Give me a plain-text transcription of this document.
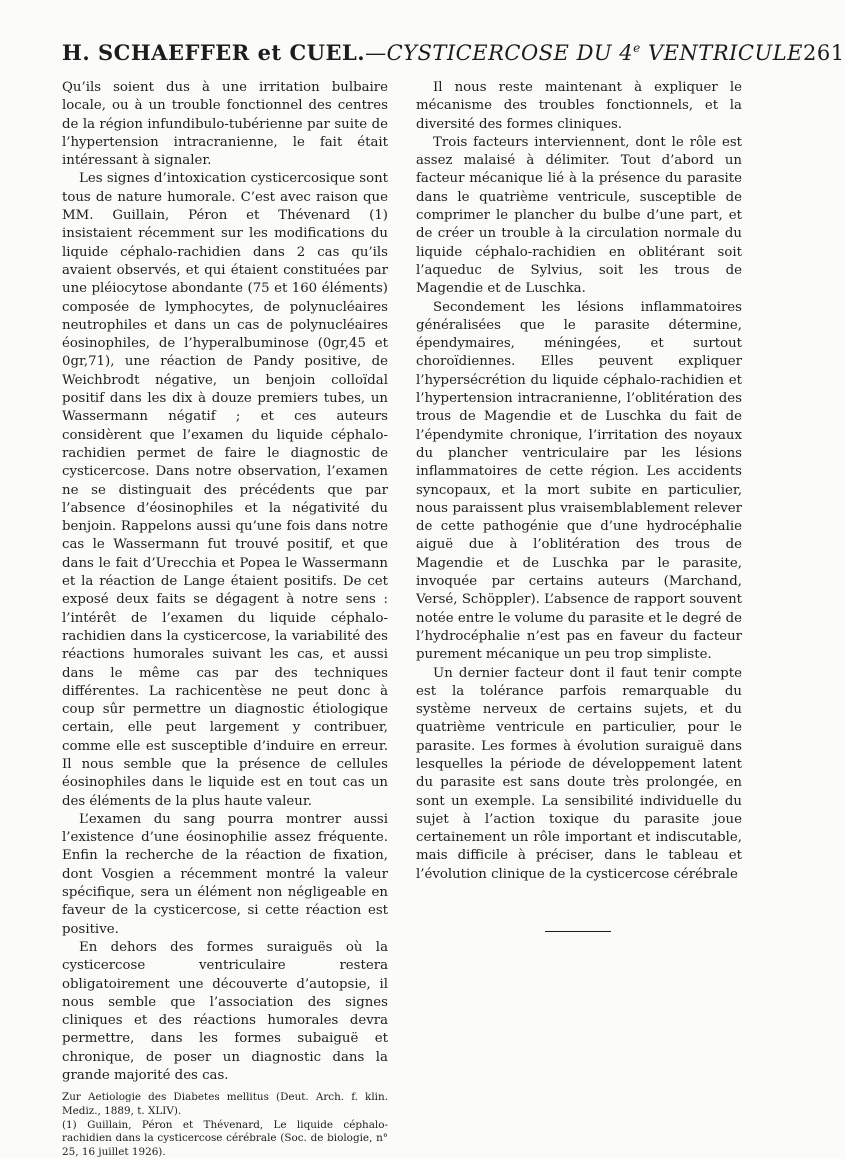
H. SCHAEFFER et CUEL. — CYSTICERCOSE DU 4e VENTRICULE 261

Qu’ils soient dus à une irritation bulbaire locale, ou à un trouble fonctionnel des centres de la région infundibulo-tubérienne par suite de l’hypertension intracranienne, le fait était intéressant à signaler.

Les signes d’intoxication cysticercosique sont tous de nature humorale. C’est avec raison que MM. Guillain, Péron et Thévenard (1) insistaient récemment sur les modifications du liquide céphalo-rachidien dans 2 cas qu’ils avaient observés, et qui étaient constituées par une pléiocytose abondante (75 et 160 éléments) composée de lymphocytes, de polynucléaires neutrophiles et dans un cas de polynucléaires éosinophiles, de l’hyperalbuminose (0gr,45 et 0gr,71), une réaction de Pandy positive, de Weichbrodt négative, un benjoin colloïdal positif dans les dix à douze premiers tubes, un Wassermann négatif ; et ces auteurs considèrent que l’examen du liquide céphalo-rachidien permet de faire le diagnostic de cysticercose. Dans notre observation, l’examen ne se distinguait des précédents que par l’absence d’éosinophiles et la négativité du benjoin. Rappelons aussi qu’une fois dans notre cas le Wassermann fut trouvé positif, et que dans le fait d’Urecchia et Popea le Wassermann et la réaction de Lange étaient positifs. De cet exposé deux faits se dégagent à notre sens : l’intérêt de l’examen du liquide céphalo-rachidien dans la cysticercose, la variabilité des réactions humorales suivant les cas, et aussi dans le même cas par des techniques différentes. La rachicentèse ne peut donc à coup sûr permettre un diagnostic étiologique certain, elle peut largement y contribuer, comme elle est susceptible d’induire en erreur. Il nous semble que la présence de cellules éosinophiles dans le liquide est en tout cas un des éléments de la plus haute valeur.

L’examen du sang pourra montrer aussi l’existence d’une éosinophilie assez fréquente. Enfin la recherche de la réaction de fixation, dont Vosgien a récemment montré la valeur spécifique, sera un élément non négligeable en faveur de la cysticercose, si cette réaction est positive.

En dehors des formes suraiguës où la cysticercose ventriculaire restera obligatoirement une découverte d’autopsie, il nous semble que l’association des signes cliniques et des réactions humorales devra permettre, dans les formes subaiguë et chronique, de poser un diagnostic dans la grande majorité des cas.

Zur Aetiologie des Diabetes mellitus (Deut. Arch. f. klin. Mediz., 1889, t. XLIV).

(1) Guillain, Péron et Thévenard, Le liquide céphalo-rachidien dans la cysticercose cérébrale (Soc. de biologie, n° 25, 16 juillet 1926).

Il nous reste maintenant à expliquer le mécanisme des troubles fonctionnels, et la diversité des formes cliniques.

Trois facteurs interviennent, dont le rôle est assez malaisé à délimiter. Tout d’abord un facteur mécanique lié à la présence du parasite dans le quatrième ventricule, susceptible de comprimer le plancher du bulbe d’une part, et de créer un trouble à la circulation normale du liquide céphalo-rachidien en oblitérant soit l’aqueduc de Sylvius, soit les trous de Magendie et de Luschka.

Secondement les lésions inflammatoires généralisées que le parasite détermine, épendymaires, méningées, et surtout choroïdiennes. Elles peuvent expliquer l’hypersécrétion du liquide céphalo-rachidien et l’hypertension intracranienne, l’oblitération des trous de Magendie et de Luschka du fait de l’épendymite chronique, l’irritation des noyaux du plancher ventriculaire par les lésions inflammatoires de cette région. Les accidents syncopaux, et la mort subite en particulier, nous paraissent plus vraisemblablement relever de cette pathogénie que d’une hydrocéphalie aiguë due à l’oblitération des trous de Magendie et de Luschka par le parasite, invoquée par certains auteurs (Marchand, Versé, Schöppler). L’absence de rapport souvent notée entre le volume du parasite et le degré de l’hydrocéphalie n’est pas en faveur du facteur purement mécanique un peu trop simpliste.

Un dernier facteur dont il faut tenir compte est la tolérance parfois remarquable du système nerveux de certains sujets, et du quatrième ventricule en particulier, pour le parasite. Les formes à évolution suraiguë dans lesquelles la période de développement latent du parasite est sans doute très prolongée, en sont un exemple. La sensibilité individuelle du sujet à l’action toxique du parasite joue certainement un rôle important et indiscutable, mais difficile à préciser, dans le tableau et l’évolution clinique de la cysticercose cérébrale
